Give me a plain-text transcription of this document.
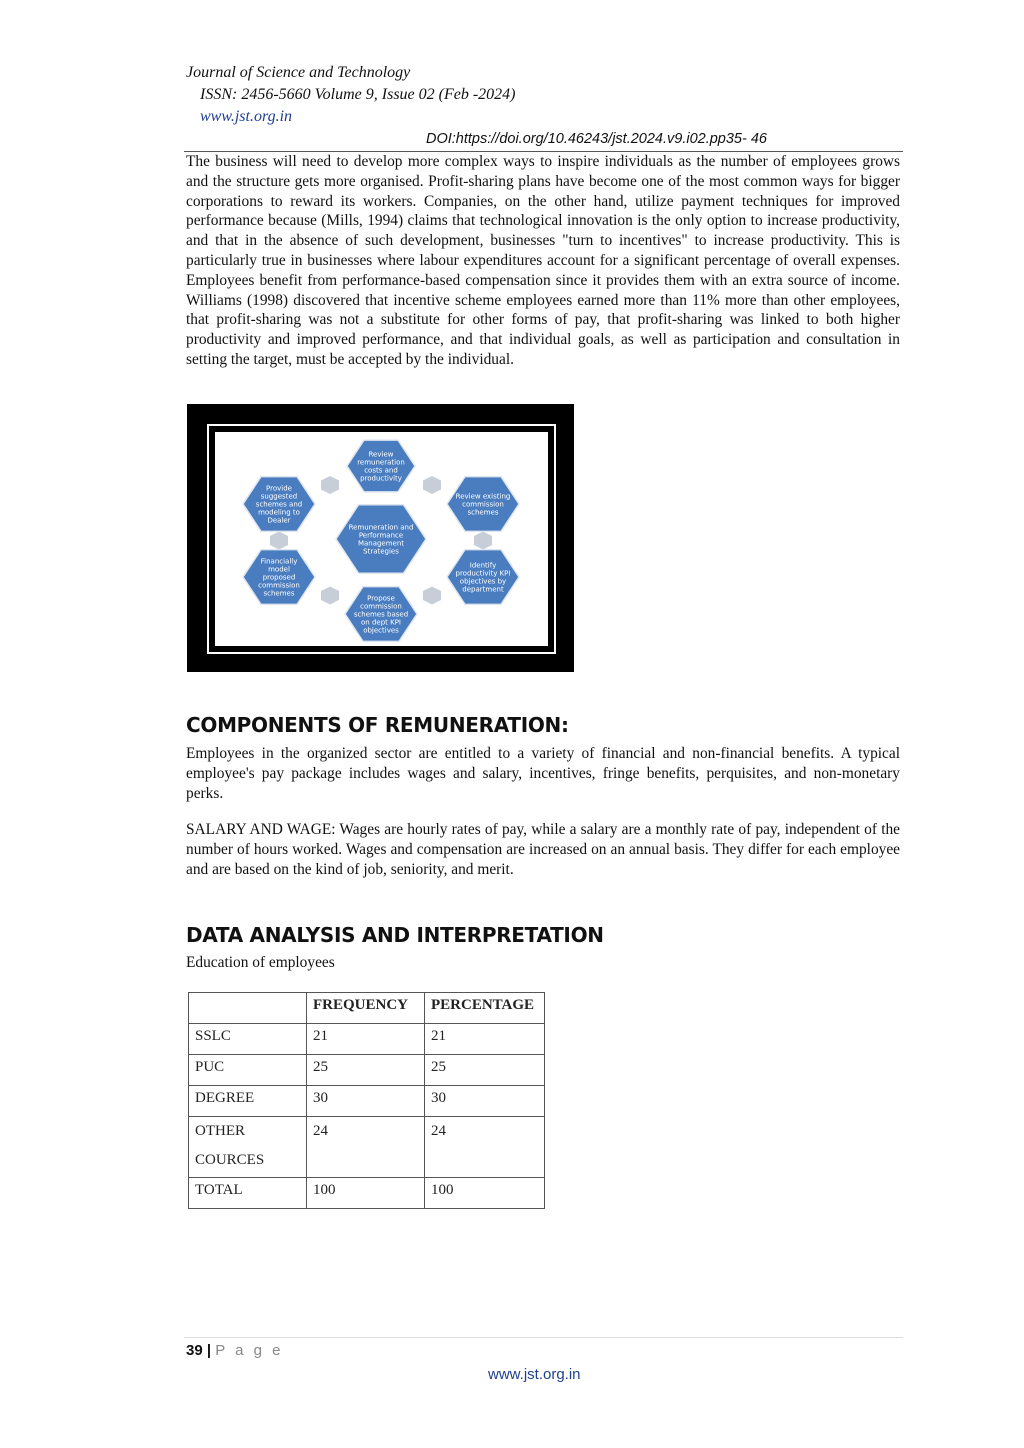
Journal of Science and Technology
ISSN: 2456-5660 Volume 9, Issue 02 (Feb -2024)
www.jst.org.in
DOI:https://doi.org/10.46243/jst.2024.v9.i02.pp35- 46

The business will need to develop more complex ways to inspire individuals as the number of employees grows and the structure gets more organised. Profit-sharing plans have become one of the most common ways for bigger corporations to reward its workers. Companies, on the other hand, utilize payment techniques for improved performance because (Mills, 1994) claims that technological innovation is the only option to increase productivity, and that in the absence of such development, businesses "turn to incentives" to increase productivity. This is particularly true in businesses where labour expenditures account for a significant percentage of overall expenses. Employees benefit from performance-based compensation since it provides them with an extra source of income. Williams (1998) discovered that incentive scheme employees earned more than 11% more than other employees, that profit-sharing was not a substitute for other forms of pay, that profit-sharing was linked to both higher productivity and improved performance, and that individual goals, as well as participation and consultation in setting the target, must be accepted by the individual.

Remuneration and
Performance
Management
Strategies
Review
remuneration
costs and
productivity
Review existing
commission
schemes
Identify
productivity KPI
objectives by
department
Propose
commission
schemes based
on dept KPI
objectives
Financially
model
proposed
commission
schemes
Provide
suggested
schemes and
modeling to
Dealer
COMPONENTS OF REMUNERATION:

Employees in the organized sector are entitled to a variety of financial and non-financial benefits. A typical employee's pay package includes wages and salary, incentives, fringe benefits, perquisites, and non-monetary perks.

SALARY AND WAGE: Wages are hourly rates of pay, while a salary are a monthly rate of pay, independent of the number of hours worked. Wages and compensation are increased on an annual basis. They differ for each employee and are based on the kind of job, seniority, and merit.

DATA ANALYSIS AND INTERPRETATION
Education of employees
	FREQUENCY	PERCENTAGE
SSLC	21	21
PUC	25	25
DEGREE	30	30
OTHER
COURCES	24	24
TOTAL	100	100
39 | P a g e
www.jst.org.in
